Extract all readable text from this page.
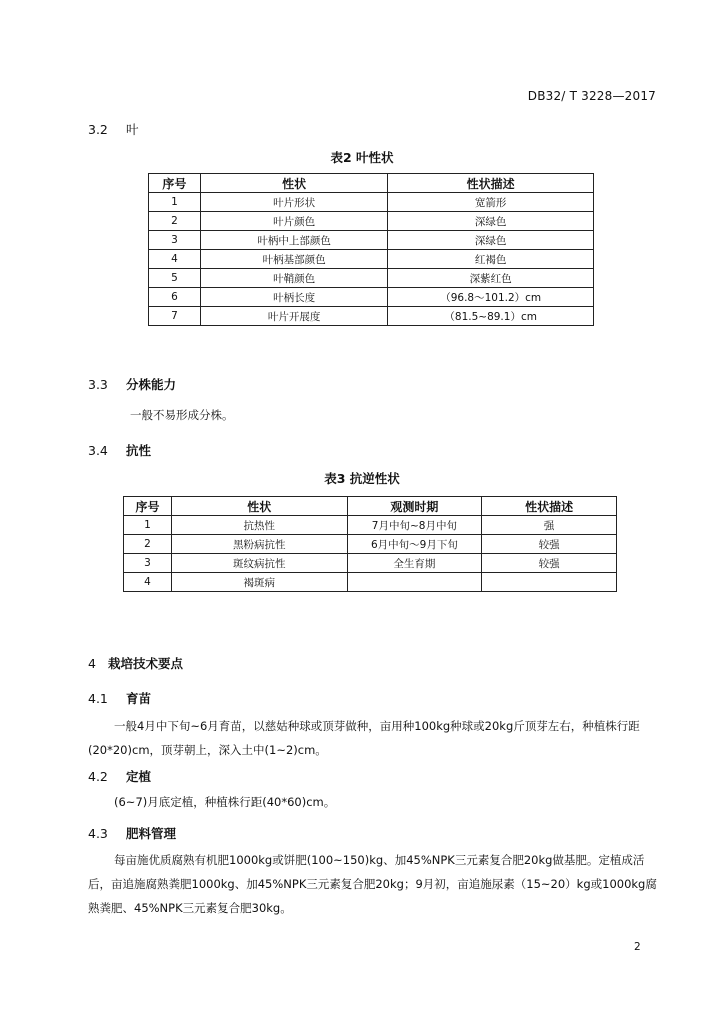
DB32/ T 3228—2017
3.2 叶
表2 叶性状
序号	性状	性状描述
1	叶片形状	宽箭形
2	叶片颜色	深绿色
3	叶柄中上部颜色	深绿色
4	叶柄基部颜色	红褐色
5	叶鞘颜色	深紫红色
6	叶柄长度	（96.8～101.2）cm
7	叶片开展度	（81.5~89.1）cm
3.3 分株能力
一般不易形成分株。
3.4 抗性
表3 抗逆性状
序号	性状	观测时期	性状描述
1	抗热性	7月中旬~8月中旬	强
2	黑粉病抗性	6月中旬～9月下旬	较强
3	斑纹病抗性	全生育期	较强
4	褐斑病		
4 栽培技术要点
4.1 育苗
一般4月中下旬~6月育苗，以慈姑种球或顶芽做种，亩用种100kg种球或20kg斤顶芽左右，种植株行距(20*20)cm，顶芽朝上，深入土中(1~2)cm。
4.2 定植
(6~7)月底定植，种植株行距(40*60)cm。
4.3 肥料管理
每亩施优质腐熟有机肥1000kg或饼肥(100~150)kg、加45%NPK三元素复合肥20kg做基肥。定植成活后，亩追施腐熟粪肥1000kg、加45%NPK三元素复合肥20kg；9月初，亩追施尿素（15~20）kg或1000kg腐熟粪肥、45%NPK三元素复合肥30kg。
2
